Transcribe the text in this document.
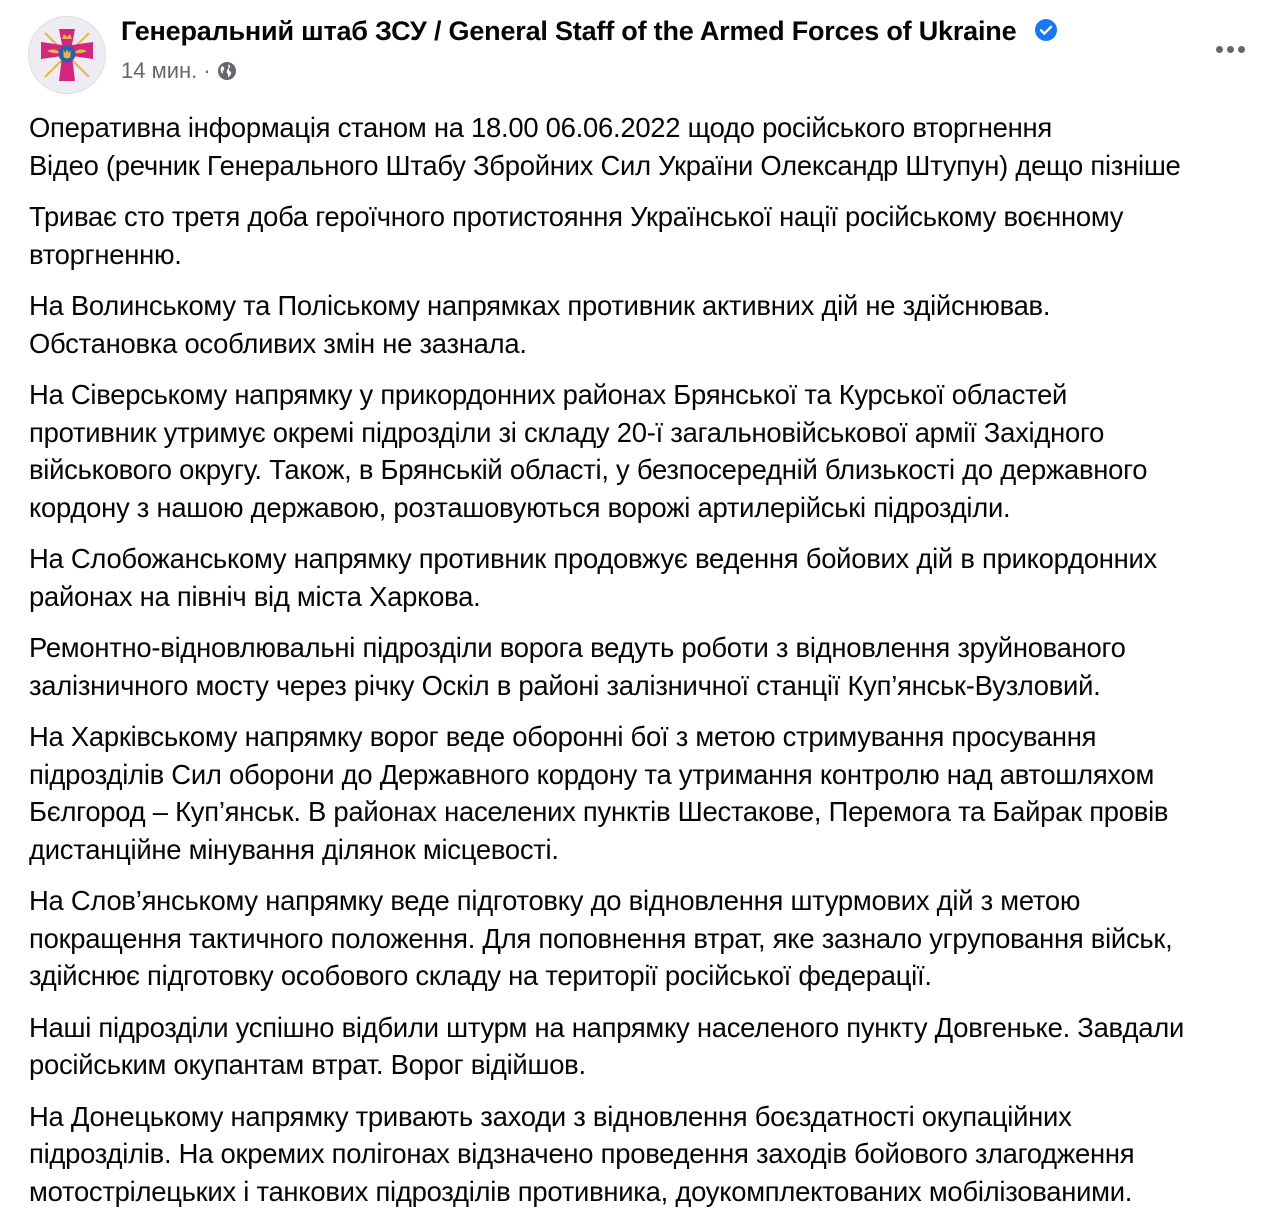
Генеральний штаб ЗСУ / General Staff of the Armed Forces of Ukraine
14 мин. ·

Оперативна інформація станом на 18.00 06.06.2022 щодо російського вторгнення
Відео (речник Генерального Штабу Збройних Сил України Олександр Штупун) дещо пізніше

Триває сто третя доба героїчного протистояння Української нації російському воєнному
вторгненню.

На Волинському та Поліському напрямках противник активних дій не здійснював.
Обстановка особливих змін не зазнала.

На Сіверському напрямку у прикордонних районах Брянської та Курської областей
противник утримує окремі підрозділи зі складу 20-ї загальновійськової армії Західного
військового округу. Також, в Брянській області, у безпосередній близькості до державного
кордону з нашою державою, розташовуються ворожі артилерійські підрозділи.

На Слобожанському напрямку противник продовжує ведення бойових дій в прикордонних
районах на північ від міста Харкова.

Ремонтно-відновлювальні підрозділи ворога ведуть роботи з відновлення зруйнованого
залізничного мосту через річку Оскіл в районі залізничної станції Куп’янськ-Вузловий.

На Харківському напрямку ворог веде оборонні бої з метою стримування просування
підрозділів Сил оборони до Державного кордону та утримання контролю над автошляхом
Бєлгород – Куп’янськ. В районах населених пунктів Шестакове, Перемога та Байрак провів
дистанційне мінування ділянок місцевості.

На Слов’янському напрямку веде підготовку до відновлення штурмових дій з метою
покращення тактичного положення. Для поповнення втрат, яке зазнало угруповання військ,
здійснює підготовку особового складу на території російської федерації.

Наші підрозділи успішно відбили штурм на напрямку населеного пункту Довгеньке. Завдали
російським окупантам втрат. Ворог відійшов.

На Донецькому напрямку тривають заходи з відновлення боєздатності окупаційних
підрозділів. На окремих полігонах відзначено проведення заходів бойового злагодження
мотострілецьких і танкових підрозділів противника, доукомплектованих мобілізованими.
